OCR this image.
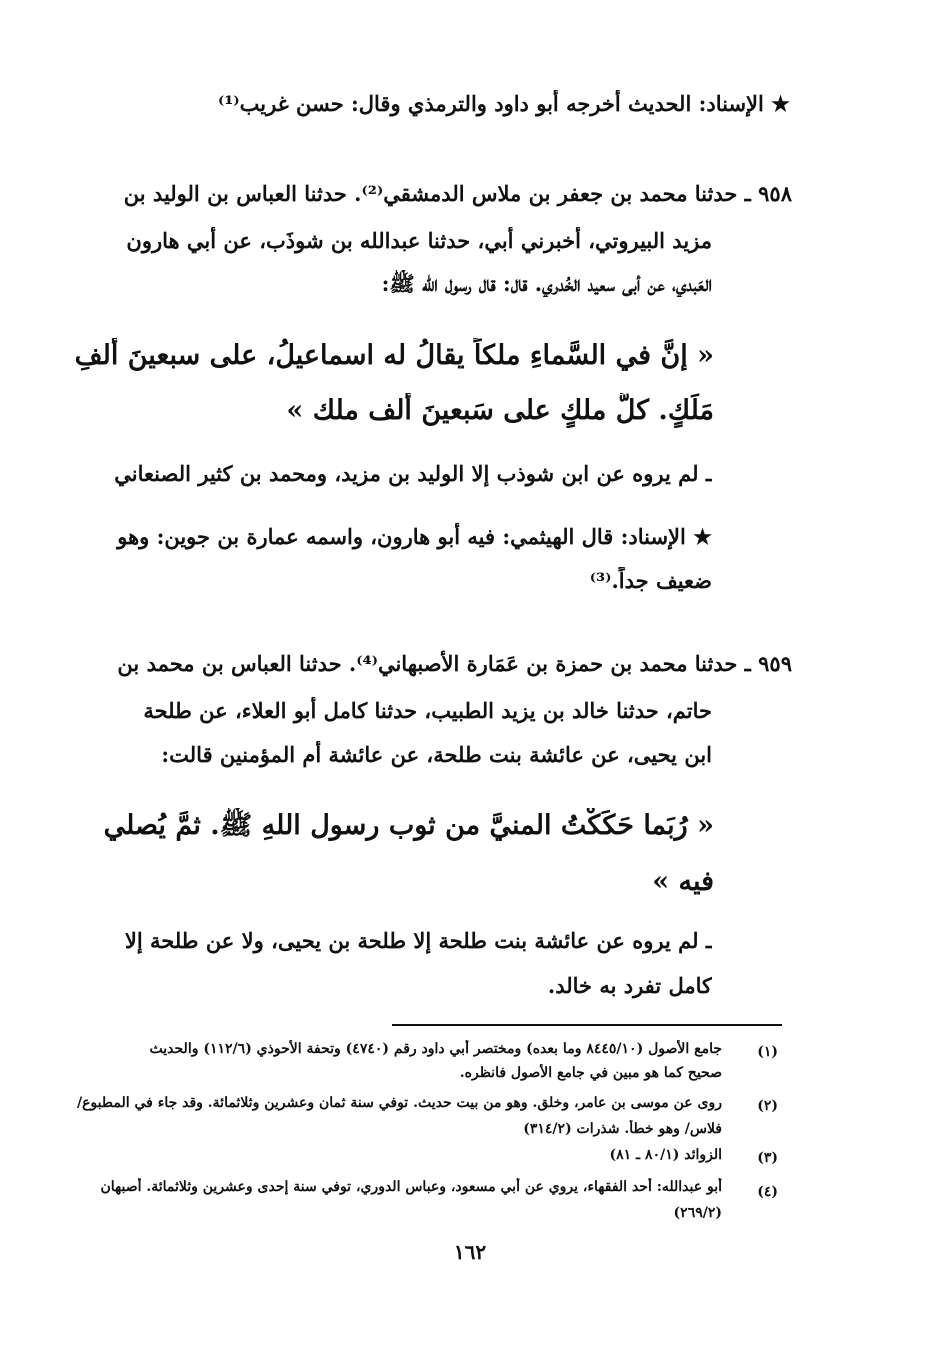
★ الإسناد: الحديث أخرجه أبو داود والترمذي وقال: حسن غريب⁽¹⁾
٩٥٨ ـ حدثنا محمد بن جعفر بن ملاس الدمشقي⁽²⁾. حدثنا العباس بن الوليد بن
مزيد البيروتي، أخبرني أبي، حدثنا عبدالله بن شوذَب، عن أبي هارون
العَبدي، عن أبي سعيد الخُدري. قال: قال رسول الله ﷺ:
« إنَّ في السَّماءِ ملكاً يقالُ له اسماعيلُ، على سبعينَ ألفِ
مَلَكٍ. كلُّ ملكٍ على سَبعينَ ألف ملك »
ـ لم يروه عن ابن شوذب إلا الوليد بن مزيد، ومحمد بن كثير الصنعاني
★ الإسناد: قال الهيثمي: فيه أبو هارون، واسمه عمارة بن جوين: وهو
ضعيف جداً.⁽³⁾
٩٥٩ ـ حدثنا محمد بن حمزة بن عَمَارة الأصبهاني⁽⁴⁾. حدثنا العباس بن محمد بن
حاتم، حدثنا خالد بن يزيد الطبيب، حدثنا كامل أبو العلاء، عن طلحة
ابن يحيى، عن عائشة بنت طلحة، عن عائشة أم المؤمنين قالت:
« رُبَما حَكَكْتُ المنيَّ من ثوب رسول اللهِ ﷺ. ثمَّ يُصلي
فيه »
ـ لم يروه عن عائشة بنت طلحة إلا طلحة بن يحيى، ولا عن طلحة إلا
كامل تفرد به خالد.
(١)
جامع الأصول (٨٤٤٥/١٠ وما بعده) ومختصر أبي داود رقم (٤٧٤٠) وتحفة الأحوذي (١١٢/٦) والحديث
صحيح كما هو مبين في جامع الأصول فانظره.
(٢)
روى عن موسى بن عامر، وخلق. وهو من بيت حديث. توفي سنة ثمان وعشرين وثلاثمائة. وقد جاء في المطبوع/
فلاس/ وهو خطأ. شذرات (٣١٤/٢)
(٣)
الزوائد (٨٠/١ ـ ٨١)
(٤)
أبو عبدالله: أحد الفقهاء، يروي عن أبي مسعود، وعباس الدوري، توفي سنة إحدى وعشرين وثلاثمائة. أصبهان
(٢٦٩/٢)
١٦٢
